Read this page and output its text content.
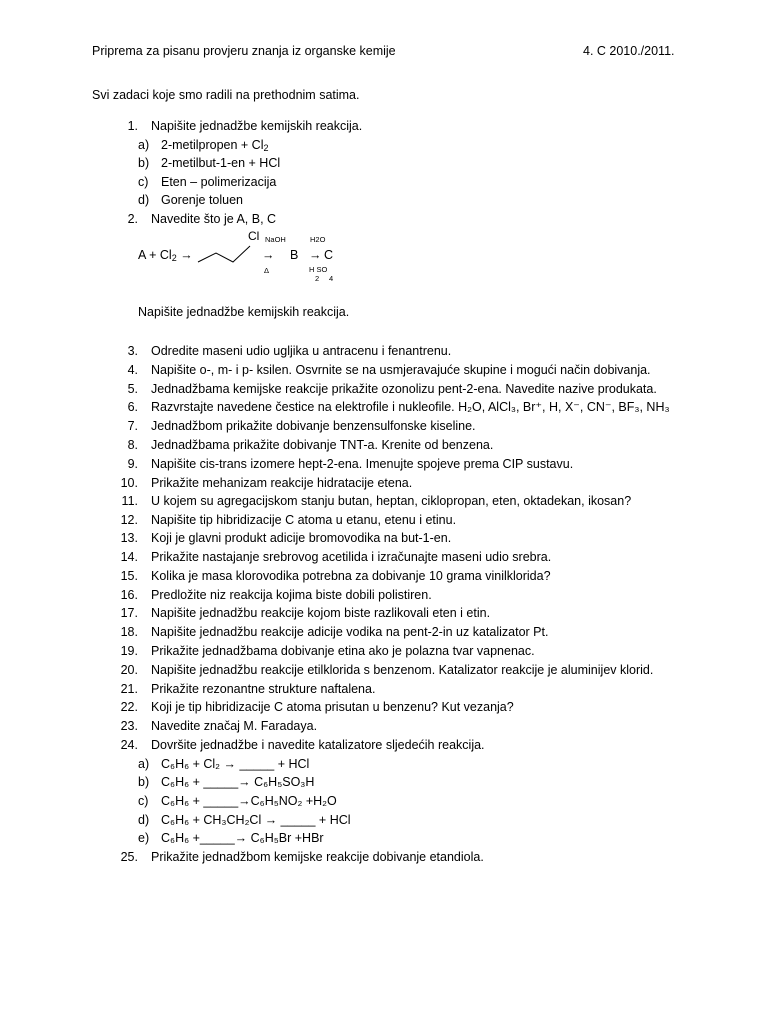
Priprema za pisanu provjeru znanja iz organske kemije	4. C 2010./2011.
Svi zadaci koje smo radili na prethodnim satima.
1. Napišite jednadžbe kemijskih reakcija.
a) 2-metilpropen + $Cl_2$
b) 2-metilbut-1-en + HCl
c) Eten – polimerizacija
d) Gorenje toluen
2. Navedite što je A, B, C
$A + Cl_2$ →
Cl NaOH
→
Δ
B
H2O
→ C
H SO
2 4
Napišite jednadžbe kemijskih reakcija.
3. Odredite maseni udio ugljika u antracenu i fenantrenu.
4. Napišite o-, m- i p- ksilen. Osvrnite se na usmjeravajuće skupine i mogući način dobivanja.
5. Jednadžbama kemijske reakcije prikažite ozonolizu pent-2-ena. Navedite nazive produkata.
6. Razvrstajte navedene čestice na elektrofile i nukleofile. H₂O, AlCl₃, Br⁺, H, X⁻, CN⁻, BF₃, NH₃
7. Jednadžbom prikažite dobivanje benzensulfonske kiseline.
8. Jednadžbama prikažite dobivanje TNT-a. Krenite od benzena.
9. Napišite cis-trans izomere hept-2-ena. Imenujte spojeve prema CIP sustavu.
10. Prikažite mehanizam reakcije hidratacije etena.
11. U kojem su agregacijskom stanju butan, heptan, ciklopropan, eten, oktadekan, ikosan?
12. Napišite tip hibridizacije C atoma u etanu, etenu i etinu.
13. Koji je glavni produkt adicije bromovodika na but-1-en.
14. Prikažite nastajanje srebrovog acetilida i izračunajte maseni udio srebra.
15. Kolika je masa klorovodika potrebna za dobivanje 10 grama vinilklorida?
16. Predložite niz reakcija kojima biste dobili polistiren.
17. Napišite jednadžbu reakcije kojom biste razlikovali eten i etin.
18. Napišite jednadžbu reakcije adicije vodika na pent-2-in uz katalizator Pt.
19. Prikažite jednadžbama dobivanje etina ako je polazna tvar vapnenac.
20. Napišite jednadžbu reakcije etilklorida s benzenom. Katalizator reakcije je aluminijev klorid.
21. Prikažite rezonantne strukture naftalena.
22. Koji je tip hibridizacije C atoma prisutan u benzenu? Kut vezanja?
23. Navedite značaj M. Faradaya.
24. Dovršite jednadžbe i navedite katalizatore sljedećih reakcija.
a) C₆H₆ + Cl₂ → _____ + HCl
b) C₆H₆ + _____→ C₆H₅SO₃H
c) C₆H₆ + _____→C₆H₅NO₂ +H₂O
d) C₆H₆ + CH₃CH₂Cl → _____ + HCl
e) C₆H₆ +_____→ C₆H₅Br +HBr
25. Prikažite jednadžbom kemijske reakcije dobivanje etandiola.
